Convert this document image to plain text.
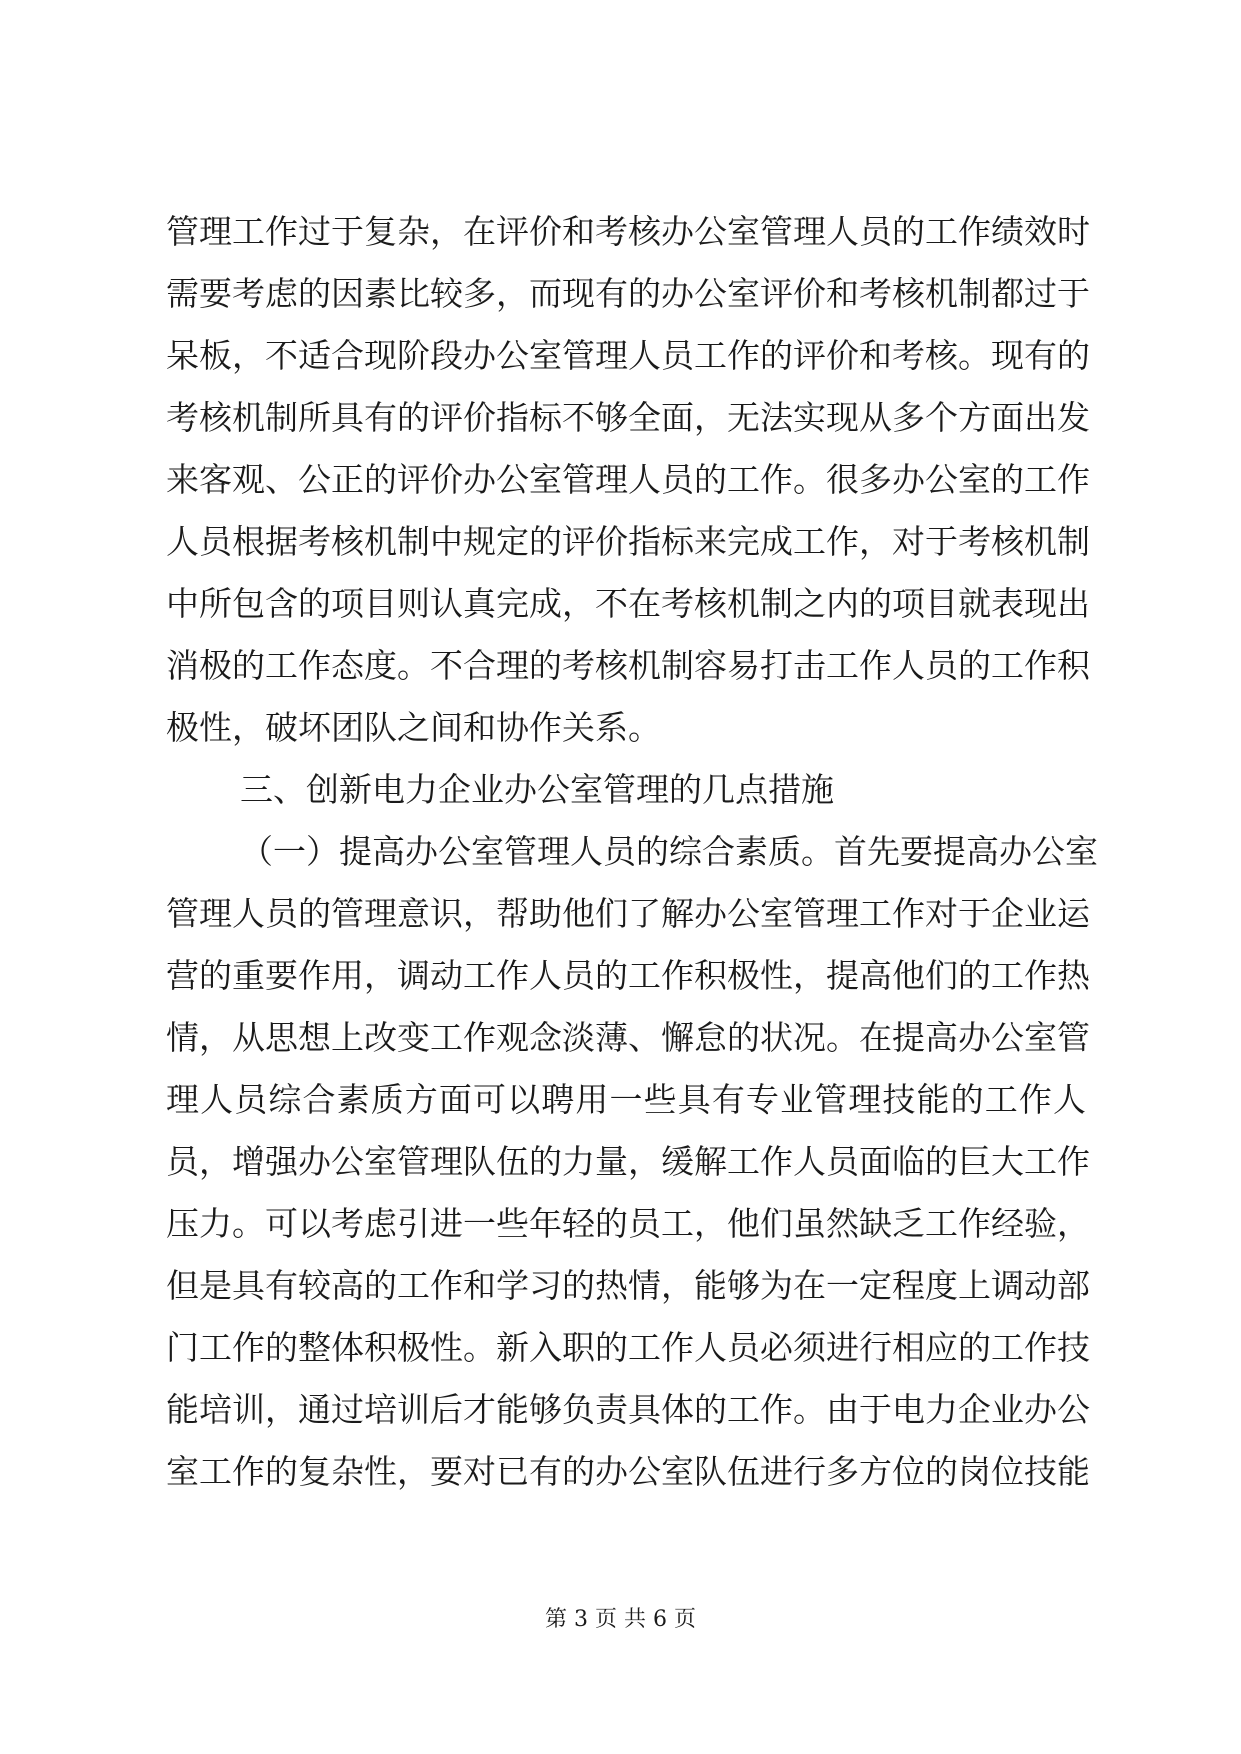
管理工作过于复杂，在评价和考核办公室管理人员的工作绩效时
需要考虑的因素比较多，而现有的办公室评价和考核机制都过于
呆板，不适合现阶段办公室管理人员工作的评价和考核。现有的
考核机制所具有的评价指标不够全面，无法实现从多个方面出发
来客观、公正的评价办公室管理人员的工作。很多办公室的工作
人员根据考核机制中规定的评价指标来完成工作，对于考核机制
中所包含的项目则认真完成，不在考核机制之内的项目就表现出
消极的工作态度。不合理的考核机制容易打击工作人员的工作积
极性，破坏团队之间和协作关系。
三、创新电力企业办公室管理的几点措施
（一）提高办公室管理人员的综合素质。首先要提高办公室
管理人员的管理意识，帮助他们了解办公室管理工作对于企业运
营的重要作用，调动工作人员的工作积极性，提高他们的工作热
情，从思想上改变工作观念淡薄、懈怠的状况。在提高办公室管
理人员综合素质方面可以聘用一些具有专业管理技能的工作人
员，增强办公室管理队伍的力量，缓解工作人员面临的巨大工作
压力。可以考虑引进一些年轻的员工，他们虽然缺乏工作经验，
但是具有较高的工作和学习的热情，能够为在一定程度上调动部
门工作的整体积极性。新入职的工作人员必须进行相应的工作技
能培训，通过培训后才能够负责具体的工作。由于电力企业办公
室工作的复杂性，要对已有的办公室队伍进行多方位的岗位技能
第 3 页 共 6 页
